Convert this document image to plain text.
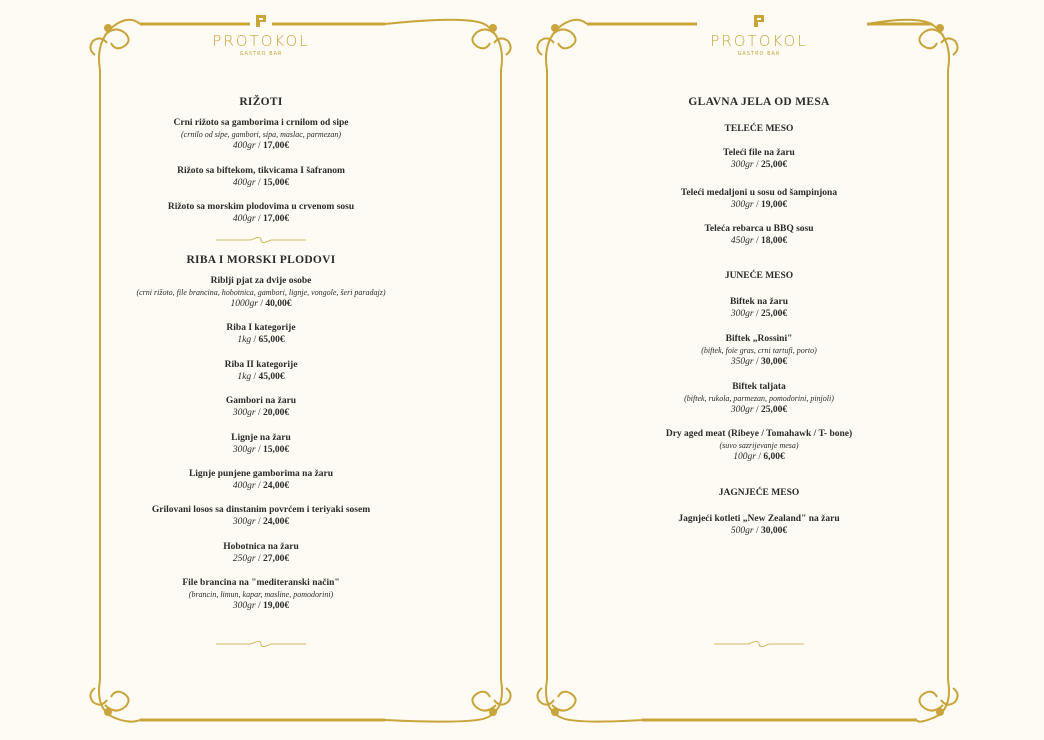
PROTOKOL
GASTRO BAR

RIŽOTI

Crni rižoto sa gamborima i crnilom od sipe
(crnilo od sipe, gambori, sipa, maslac, parmezan)
400gr / 17,00€
Rižoto sa biftekom, tikvicama I šafranom
400gr / 15,00€
Rižoto sa morskim plodovima u crvenom sosu
400gr / 17,00€

RIBA I MORSKI PLODOVI

Riblji pjat za dvije osobe
(crni rižoto, file brancina, hobotnica, gambori, lignje, vongole, šeri paradajz)
1000gr / 40,00€
Riba I kategorije
1kg / 65,00€
Riba II kategorije
1kg / 45,00€
Gambori na žaru
300gr / 20,00€
Lignje na žaru
300gr / 15,00€
Lignje punjene gamborima na žaru
400gr / 24,00€
Grilovani losos sa dinstanim povrćem i teriyaki sosem
300gr / 24,00€
Hobotnica na žaru
250gr / 27,00€
File brancina na "mediteranski način"
(brancin, limun, kapar, masline, pomodorini)
300gr / 19,00€
PROTOKOL
GASTRO BAR

GLAVNA JELA OD MESA

TELEĆE MESO

Teleći file na žaru
300gr / 25,00€
Teleći medaljoni u sosu od šampinjona
300gr / 19,00€
Teleća rebarca u BBQ sosu
450gr / 18,00€

JUNEĆE MESO

Biftek na žaru
300gr / 25,00€
Biftek „Rossini"
(biftek, foie gras, crni tartufi, porto)
350gr / 30,00€
Biftek taljata
(biftek, rukola, parmezan, pomodorini, pinjoli)
300gr / 25,00€
Dry aged meat (Ribeye / Tomahawk / T- bone)
(suvo sazrijevanje mesa)
100gr / 6,00€

JAGNJEĆE MESO

Jagnjeći kotleti „New Zealand" na žaru
500gr / 30,00€
